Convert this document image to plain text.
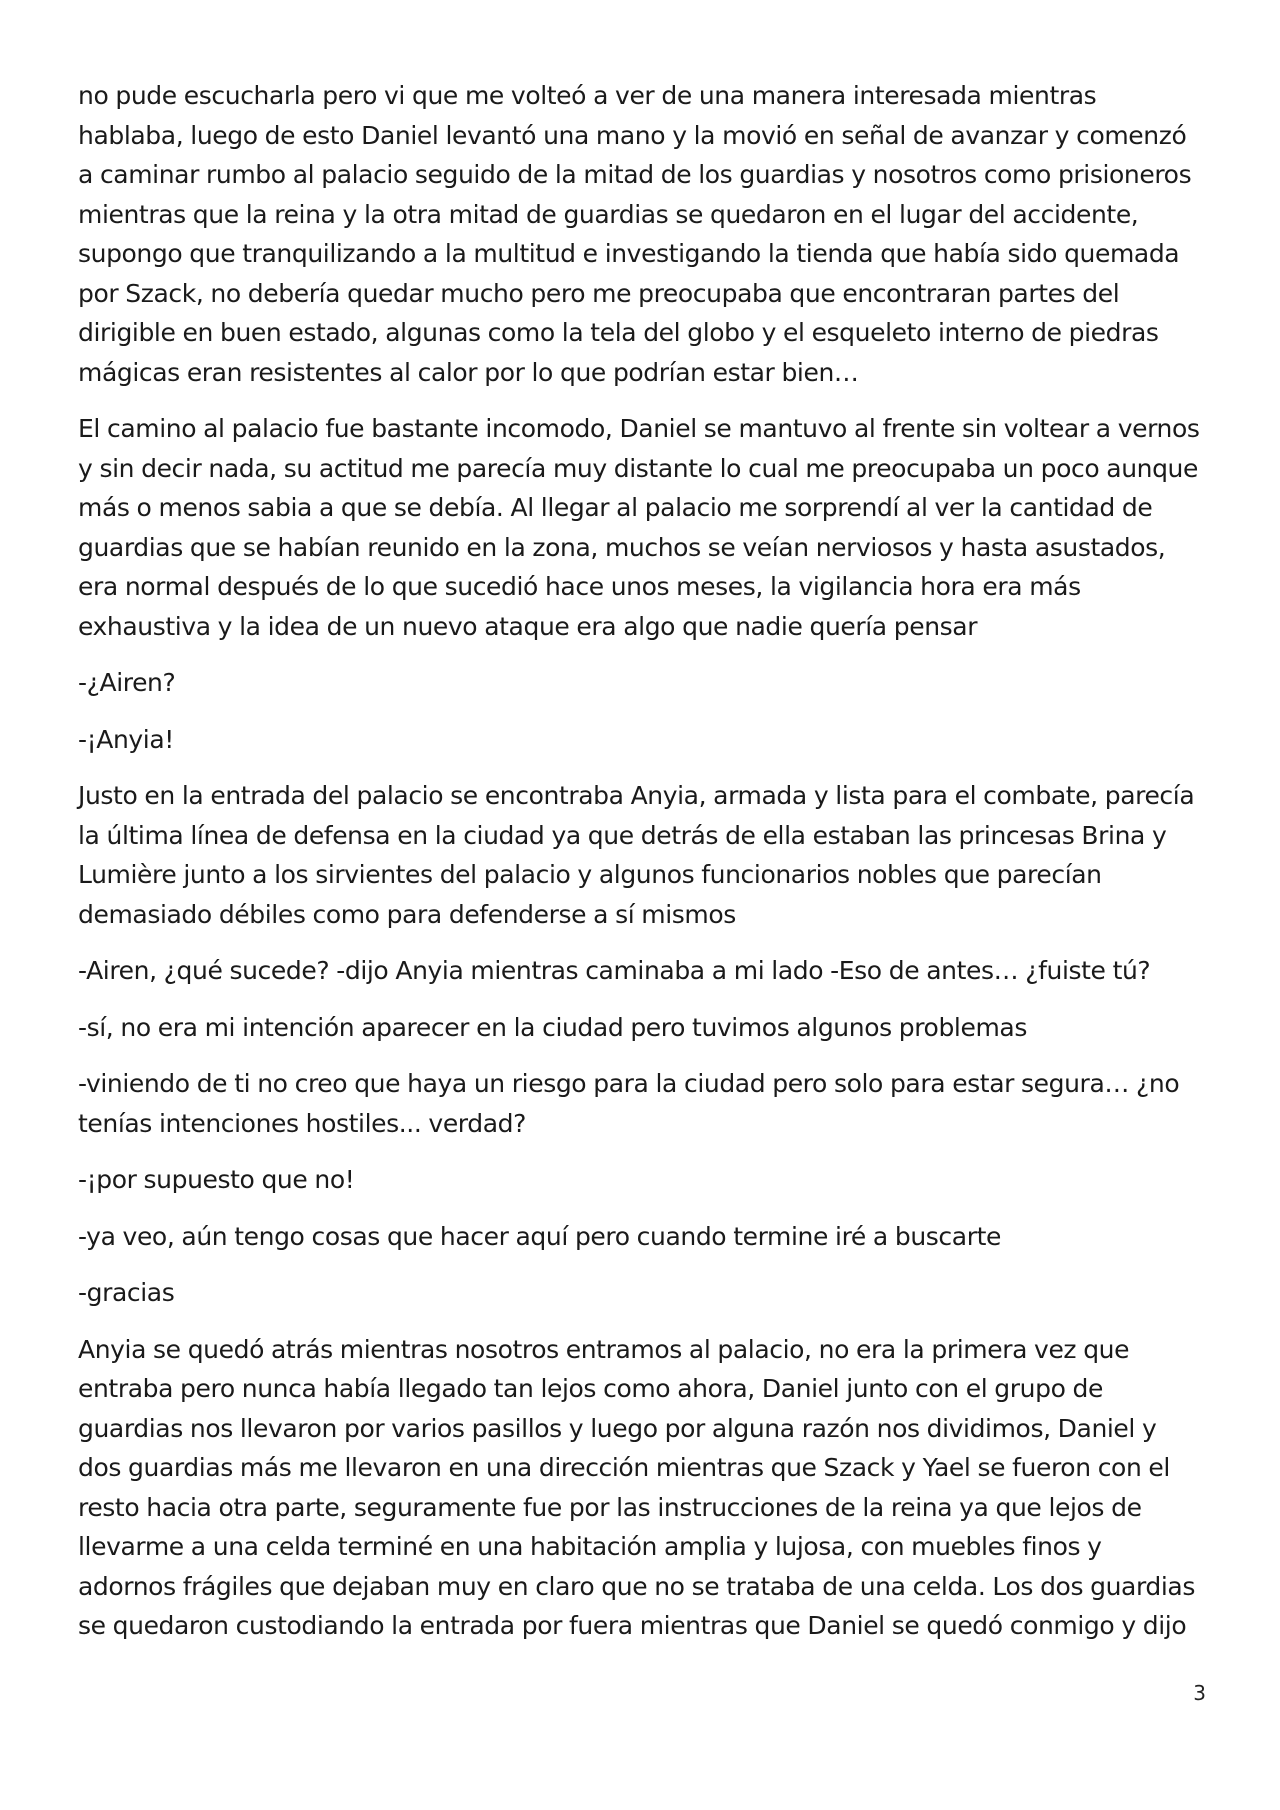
no pude escucharla pero vi que me volteó a ver de una manera interesada mientras hablaba, luego de esto Daniel levantó una mano y la movió en señal de avanzar y comenzó a caminar rumbo al palacio seguido de la mitad de los guardias y nosotros como prisioneros mientras que la reina y la otra mitad de guardias se quedaron en el lugar del accidente, supongo que tranquilizando a la multitud e investigando la tienda que había sido quemada por Szack, no debería quedar mucho pero me preocupaba que encontraran partes del dirigible en buen estado, algunas como la tela del globo y el esqueleto interno de piedras mágicas eran resistentes al calor por lo que podrían estar bien…

El camino al palacio fue bastante incomodo, Daniel se mantuvo al frente sin voltear a vernos y sin decir nada, su actitud me parecía muy distante lo cual me preocupaba un poco aunque más o menos sabia a que se debía. Al llegar al palacio me sorprendí al ver la cantidad de guardias que se habían reunido en la zona, muchos se veían nerviosos y hasta asustados, era normal después de lo que sucedió hace unos meses, la vigilancia hora era más exhaustiva y la idea de un nuevo ataque era algo que nadie quería pensar

-¿Airen?

-¡Anyia!

Justo en la entrada del palacio se encontraba Anyia, armada y lista para el combate, parecía la última línea de defensa en la ciudad ya que detrás de ella estaban las princesas Brina y Lumière junto a los sirvientes del palacio y algunos funcionarios nobles que parecían demasiado débiles como para defenderse a sí mismos

-Airen, ¿qué sucede? -dijo Anyia mientras caminaba a mi lado -Eso de antes… ¿fuiste tú?

-sí, no era mi intención aparecer en la ciudad pero tuvimos algunos problemas

-viniendo de ti no creo que haya un riesgo para la ciudad pero solo para estar segura… ¿no tenías intenciones hostiles... verdad?

-¡por supuesto que no!

-ya veo, aún tengo cosas que hacer aquí pero cuando termine iré a buscarte

-gracias

Anyia se quedó atrás mientras nosotros entramos al palacio, no era la primera vez que entraba pero nunca había llegado tan lejos como ahora, Daniel junto con el grupo de guardias nos llevaron por varios pasillos y luego por alguna razón nos dividimos, Daniel y dos guardias más me llevaron en una dirección mientras que Szack y Yael se fueron con el resto hacia otra parte, seguramente fue por las instrucciones de la reina ya que lejos de llevarme a una celda terminé en una habitación amplia y lujosa, con muebles finos y adornos frágiles que dejaban muy en claro que no se trataba de una celda. Los dos guardias se quedaron custodiando la entrada por fuera mientras que Daniel se quedó conmigo y dijo

3
